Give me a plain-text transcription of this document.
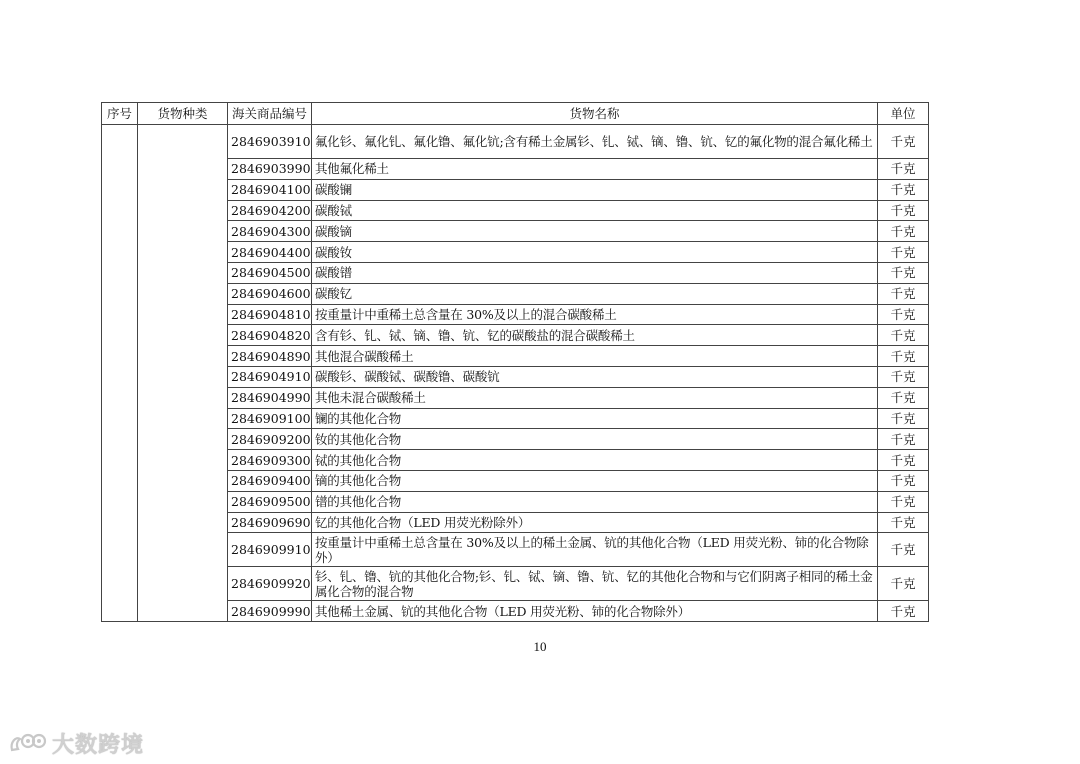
序号	货物种类	海关商品编号	货物名称	单位
		2846903910	氟化钐、氟化钆、氟化镥、氟化钪;含有稀土金属钐、钆、铽、镝、镥、钪、钇的氟化物的混合氟化稀土	千克
		2846903990	其他氟化稀土	千克
		2846904100	碳酸镧	千克
		2846904200	碳酸铽	千克
		2846904300	碳酸镝	千克
		2846904400	碳酸钕	千克
		2846904500	碳酸镨	千克
		2846904600	碳酸钇	千克
		2846904810	按重量计中重稀土总含量在 30%及以上的混合碳酸稀土	千克
		2846904820	含有钐、钆、铽、镝、镥、钪、钇的碳酸盐的混合碳酸稀土	千克
		2846904890	其他混合碳酸稀土	千克
		2846904910	碳酸钐、碳酸铽、碳酸镥、碳酸钪	千克
		2846904990	其他未混合碳酸稀土	千克
		2846909100	镧的其他化合物	千克
		2846909200	钕的其他化合物	千克
		2846909300	铽的其他化合物	千克
		2846909400	镝的其他化合物	千克
		2846909500	镨的其他化合物	千克
		2846909690	钇的其他化合物（LED 用荧光粉除外）	千克
		2846909910	按重量计中重稀土总含量在 30%及以上的稀土金属、钪的其他化合物（LED 用荧光粉、铈的化合物除外）	千克
		2846909920	钐、钆、镥、钪的其他化合物;钐、钆、铽、镝、镥、钪、钇的其他化合物和与它们阴离子相同的稀土金属化合物的混合物	千克
		2846909990	其他稀土金属、钪的其他化合物（LED 用荧光粉、铈的化合物除外）	千克
10
大数跨境
